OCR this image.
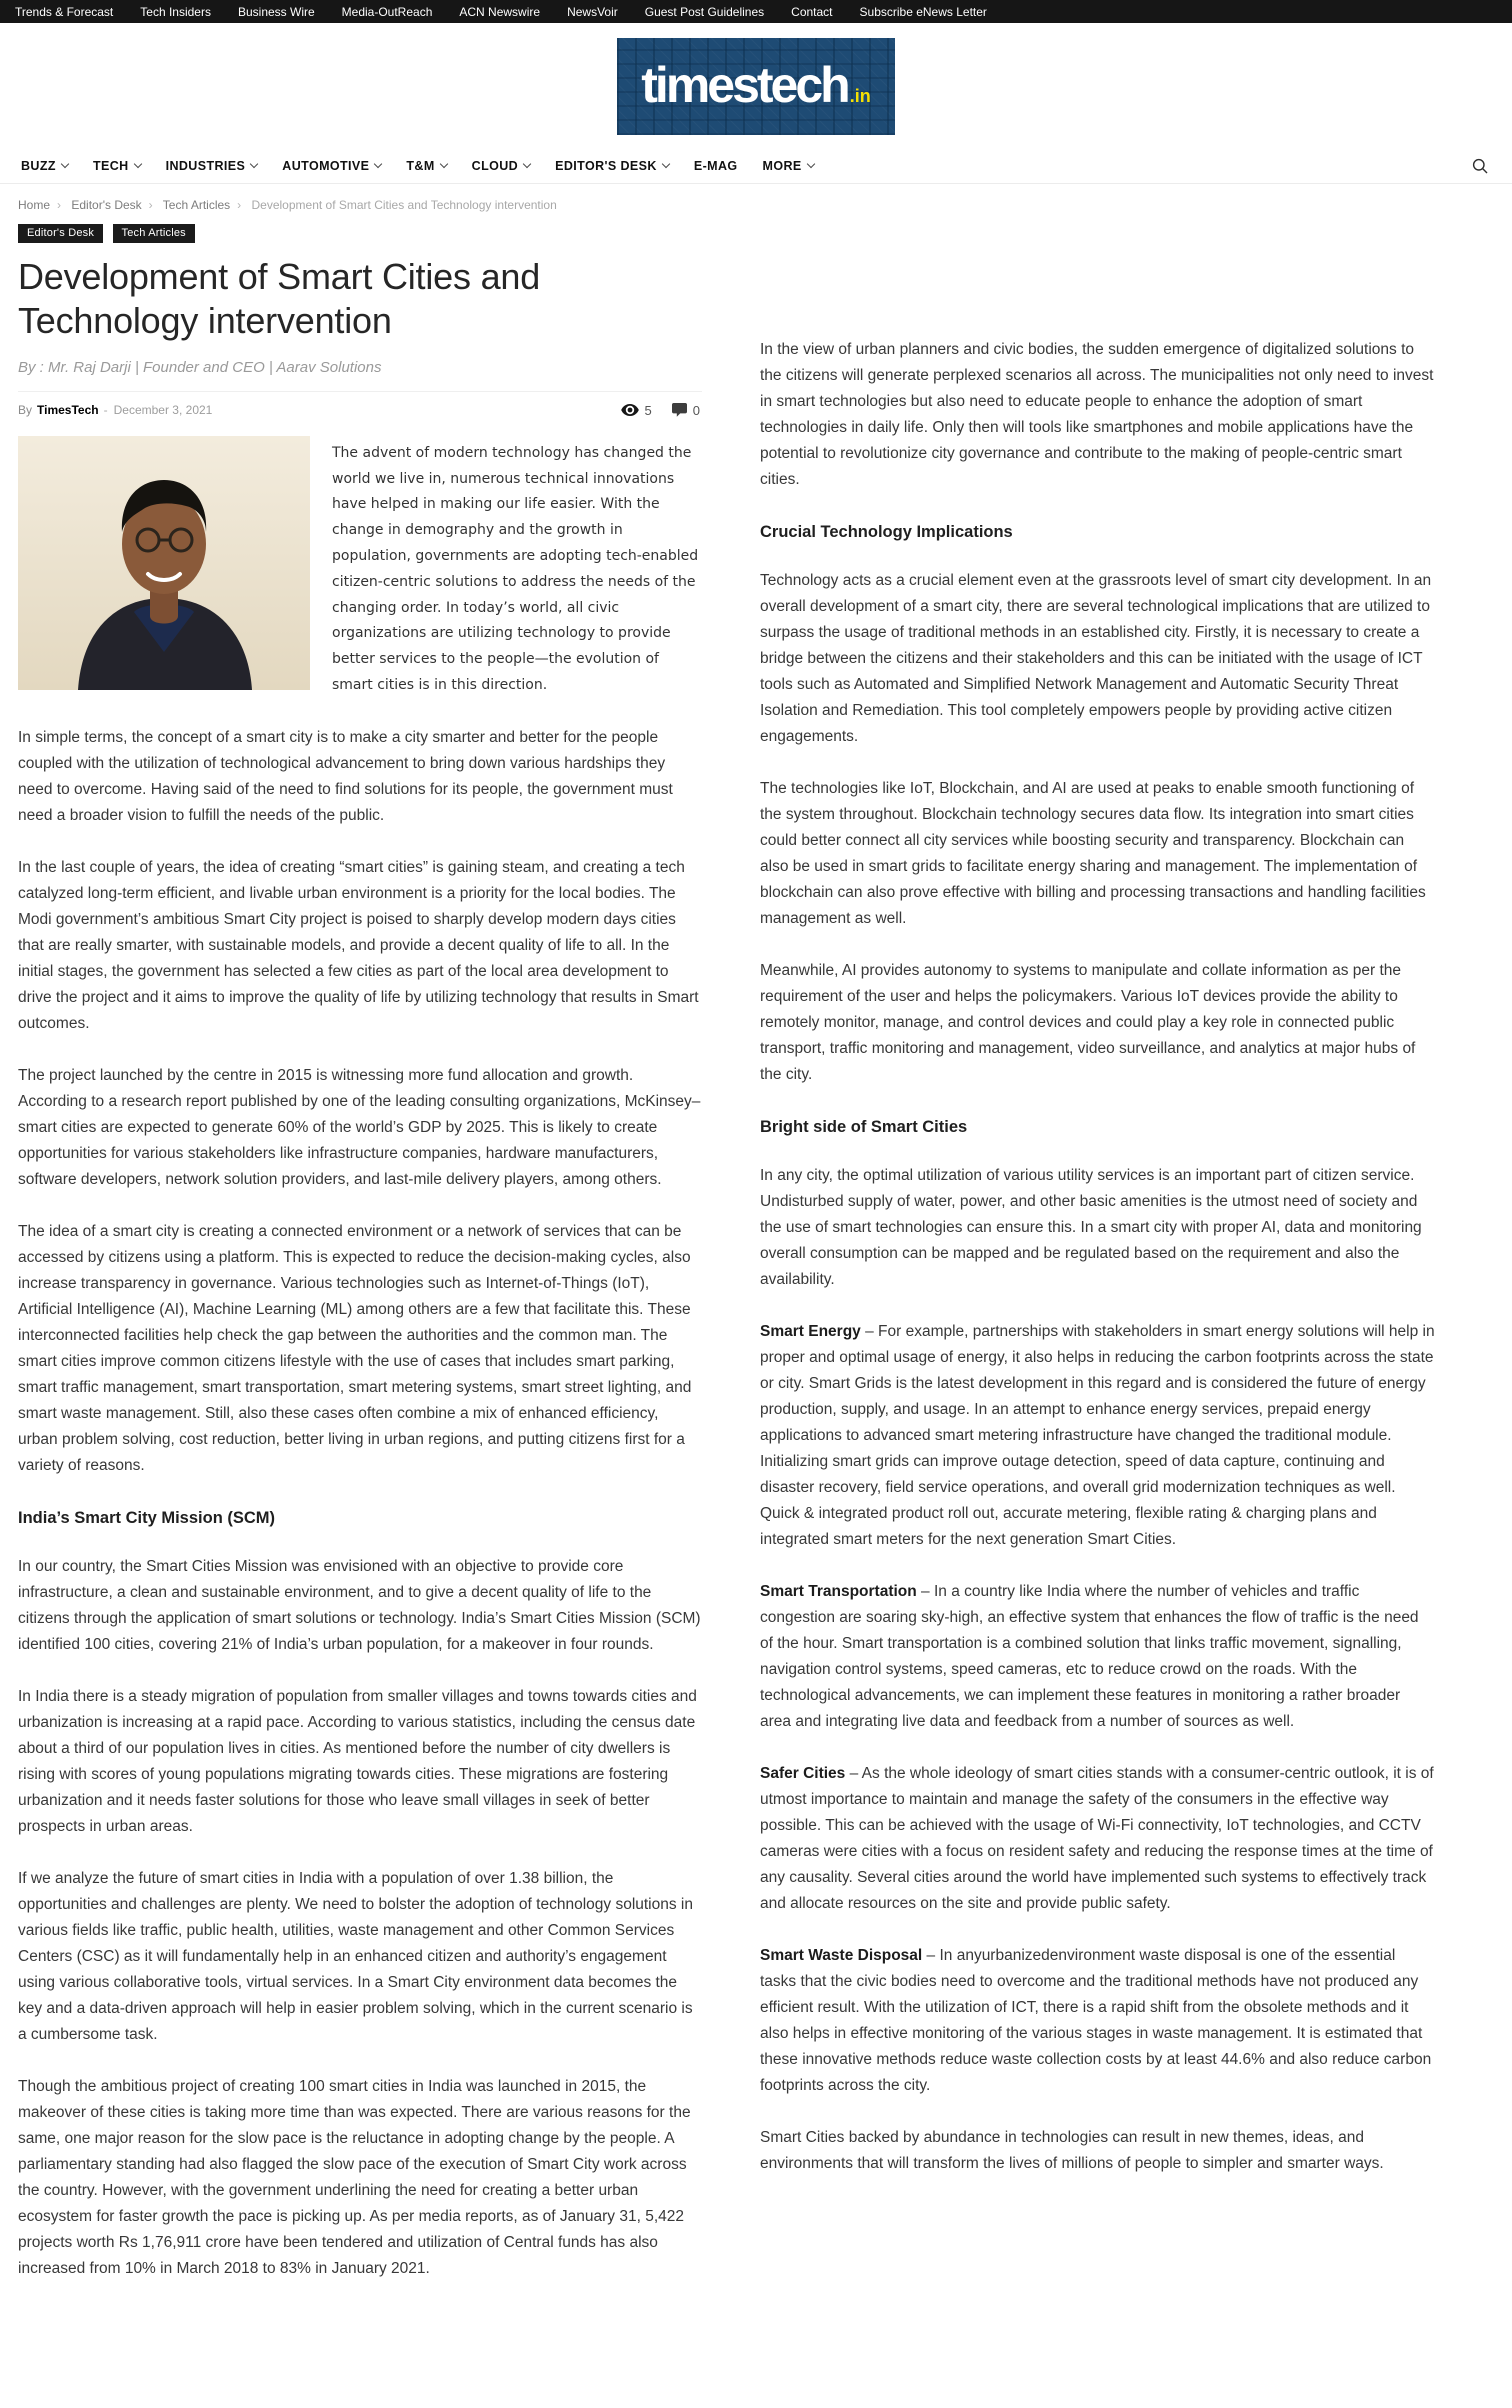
Trends & Forecast Tech Insiders Business Wire Media-OutReach ACN Newswire NewsVoir Guest Post Guidelines Contact Subscribe eNews Letter
timestech .in
BUZZ	TECH	INDUSTRIES	AUTOMOTIVE	T&M	CLOUD	EDITOR'S DESK	E-MAG MORE
Home › Editor's Desk › Tech Articles › Development of Smart Cities and Technology intervention
Editor's Desk Tech Articles
Development of Smart Cities and Technology intervention

By : Mr. Raj Darji | Founder and CEO | Aarav Solutions

By TimesTech - December 3, 2021	5	0

The advent of modern technology has changed the world we live in, numerous technical innovations have helped in making our life easier. With the change in demography and the growth in population, governments are adopting tech-enabled citizen-centric solutions to address the needs of the changing order. In today’s world, all civic organizations are utilizing technology to provide better services to the people—the evolution of smart cities is in this direction.

In simple terms, the concept of a smart city is to make a city smarter and better for the people coupled with the utilization of technological advancement to bring down various hardships they need to overcome. Having said of the need to find solutions for its people, the government must need a broader vision to fulfill the needs of the public.

In the last couple of years, the idea of creating “smart cities” is gaining steam, and creating a tech catalyzed long-term efficient, and livable urban environment is a priority for the local bodies. The Modi government’s ambitious Smart City project is poised to sharply develop modern days cities that are really smarter, with sustainable models, and provide a decent quality of life to all. In the initial stages, the government has selected a few cities as part of the local area development to drive the project and it aims to improve the quality of life by utilizing technology that results in Smart outcomes.

The project launched by the centre in 2015 is witnessing more fund allocation and growth. According to a research report published by one of the leading consulting organizations, McKinsey– smart cities are expected to generate 60% of the world’s GDP by 2025. This is likely to create opportunities for various stakeholders like infrastructure companies, hardware manufacturers, software developers, network solution providers, and last-mile delivery players, among others.

The idea of a smart city is creating a connected environment or a network of services that can be accessed by citizens using a platform. This is expected to reduce the decision-making cycles, also increase transparency in governance. Various technologies such as Internet-of-Things (IoT), Artificial Intelligence (AI), Machine Learning (ML) among others are a few that facilitate this. These interconnected facilities help check the gap between the authorities and the common man. The smart cities improve common citizens lifestyle with the use of cases that includes smart parking, smart traffic management, smart transportation, smart metering systems, smart street lighting, and smart waste management. Still, also these cases often combine a mix of enhanced efficiency, urban problem solving, cost reduction, better living in urban regions, and putting citizens first for a variety of reasons.

India’s Smart City Mission (SCM)

In our country, the Smart Cities Mission was envisioned with an objective to provide core infrastructure, a clean and sustainable environment, and to give a decent quality of life to the citizens through the application of smart solutions or technology. India’s Smart Cities Mission (SCM) identified 100 cities, covering 21% of India’s urban population, for a makeover in four rounds.

In India there is a steady migration of population from smaller villages and towns towards cities and urbanization is increasing at a rapid pace. According to various statistics, including the census date about a third of our population lives in cities. As mentioned before the number of city dwellers is rising with scores of young populations migrating towards cities. These migrations are fostering urbanization and it needs faster solutions for those who leave small villages in seek of better prospects in urban areas.

If we analyze the future of smart cities in India with a population of over 1.38 billion, the opportunities and challenges are plenty. We need to bolster the adoption of technology solutions in various fields like traffic, public health, utilities, waste management and other Common Services Centers (CSC) as it will fundamentally help in an enhanced citizen and authority’s engagement using various collaborative tools, virtual services. In a Smart City environment data becomes the key and a data-driven approach will help in easier problem solving, which in the current scenario is a cumbersome task.

Though the ambitious project of creating 100 smart cities in India was launched in 2015, the makeover of these cities is taking more time than was expected. There are various reasons for the same, one major reason for the slow pace is the reluctance in adopting change by the people. A parliamentary standing had also flagged the slow pace of the execution of Smart City work across the country. However, with the government underlining the need for creating a better urban ecosystem for faster growth the pace is picking up. As per media reports, as of January 31, 5,422 projects worth Rs 1,76,911 crore have been tendered and utilization of Central funds has also increased from 10% in March 2018 to 83% in January 2021.

In the view of urban planners and civic bodies, the sudden emergence of digitalized solutions to the citizens will generate perplexed scenarios all across. The municipalities not only need to invest in smart technologies but also need to educate people to enhance the adoption of smart technologies in daily life. Only then will tools like smartphones and mobile applications have the potential to revolutionize city governance and contribute to the making of people-centric smart cities.

Crucial Technology Implications

Technology acts as a crucial element even at the grassroots level of smart city development. In an overall development of a smart city, there are several technological implications that are utilized to surpass the usage of traditional methods in an established city. Firstly, it is necessary to create a bridge between the citizens and their stakeholders and this can be initiated with the usage of ICT tools such as Automated and Simplified Network Management and Automatic Security Threat Isolation and Remediation. This tool completely empowers people by providing active citizen engagements.

The technologies like IoT, Blockchain, and AI are used at peaks to enable smooth functioning of the system throughout. Blockchain technology secures data flow. Its integration into smart cities could better connect all city services while boosting security and transparency. Blockchain can also be used in smart grids to facilitate energy sharing and management. The implementation of blockchain can also prove effective with billing and processing transactions and handling facilities management as well.

Meanwhile, AI provides autonomy to systems to manipulate and collate information as per the requirement of the user and helps the policymakers. Various IoT devices provide the ability to remotely monitor, manage, and control devices and could play a key role in connected public transport, traffic monitoring and management, video surveillance, and analytics at major hubs of the city.

Bright side of Smart Cities

In any city, the optimal utilization of various utility services is an important part of citizen service. Undisturbed supply of water, power, and other basic amenities is the utmost need of society and the use of smart technologies can ensure this. In a smart city with proper AI, data and monitoring overall consumption can be mapped and be regulated based on the requirement and also the availability.

Smart Energy – For example, partnerships with stakeholders in smart energy solutions will help in proper and optimal usage of energy, it also helps in reducing the carbon footprints across the state or city. Smart Grids is the latest development in this regard and is considered the future of energy production, supply, and usage. In an attempt to enhance energy services, prepaid energy applications to advanced smart metering infrastructure have changed the traditional module. Initializing smart grids can improve outage detection, speed of data capture, continuing and disaster recovery, field service operations, and overall grid modernization techniques as well. Quick & integrated product roll out, accurate metering, flexible rating & charging plans and integrated smart meters for the next generation Smart Cities.

Smart Transportation – In a country like India where the number of vehicles and traffic congestion are soaring sky-high, an effective system that enhances the flow of traffic is the need of the hour. Smart transportation is a combined solution that links traffic movement, signalling, navigation control systems, speed cameras, etc to reduce crowd on the roads. With the technological advancements, we can implement these features in monitoring a rather broader area and integrating live data and feedback from a number of sources as well.

Safer Cities – As the whole ideology of smart cities stands with a consumer-centric outlook, it is of utmost importance to maintain and manage the safety of the consumers in the effective way possible. This can be achieved with the usage of Wi-Fi connectivity, IoT technologies, and CCTV cameras were cities with a focus on resident safety and reducing the response times at the time of any causality. Several cities around the world have implemented such systems to effectively track and allocate resources on the site and provide public safety.

Smart Waste Disposal – In anyurbanizedenvironment waste disposal is one of the essential tasks that the civic bodies need to overcome and the traditional methods have not produced any efficient result. With the utilization of ICT, there is a rapid shift from the obsolete methods and it also helps in effective monitoring of the various stages in waste management. It is estimated that these innovative methods reduce waste collection costs by at least 44.6% and also reduce carbon footprints across the city.

Smart Cities backed by abundance in technologies can result in new themes, ideas, and environments that will transform the lives of millions of people to simpler and smarter ways.
